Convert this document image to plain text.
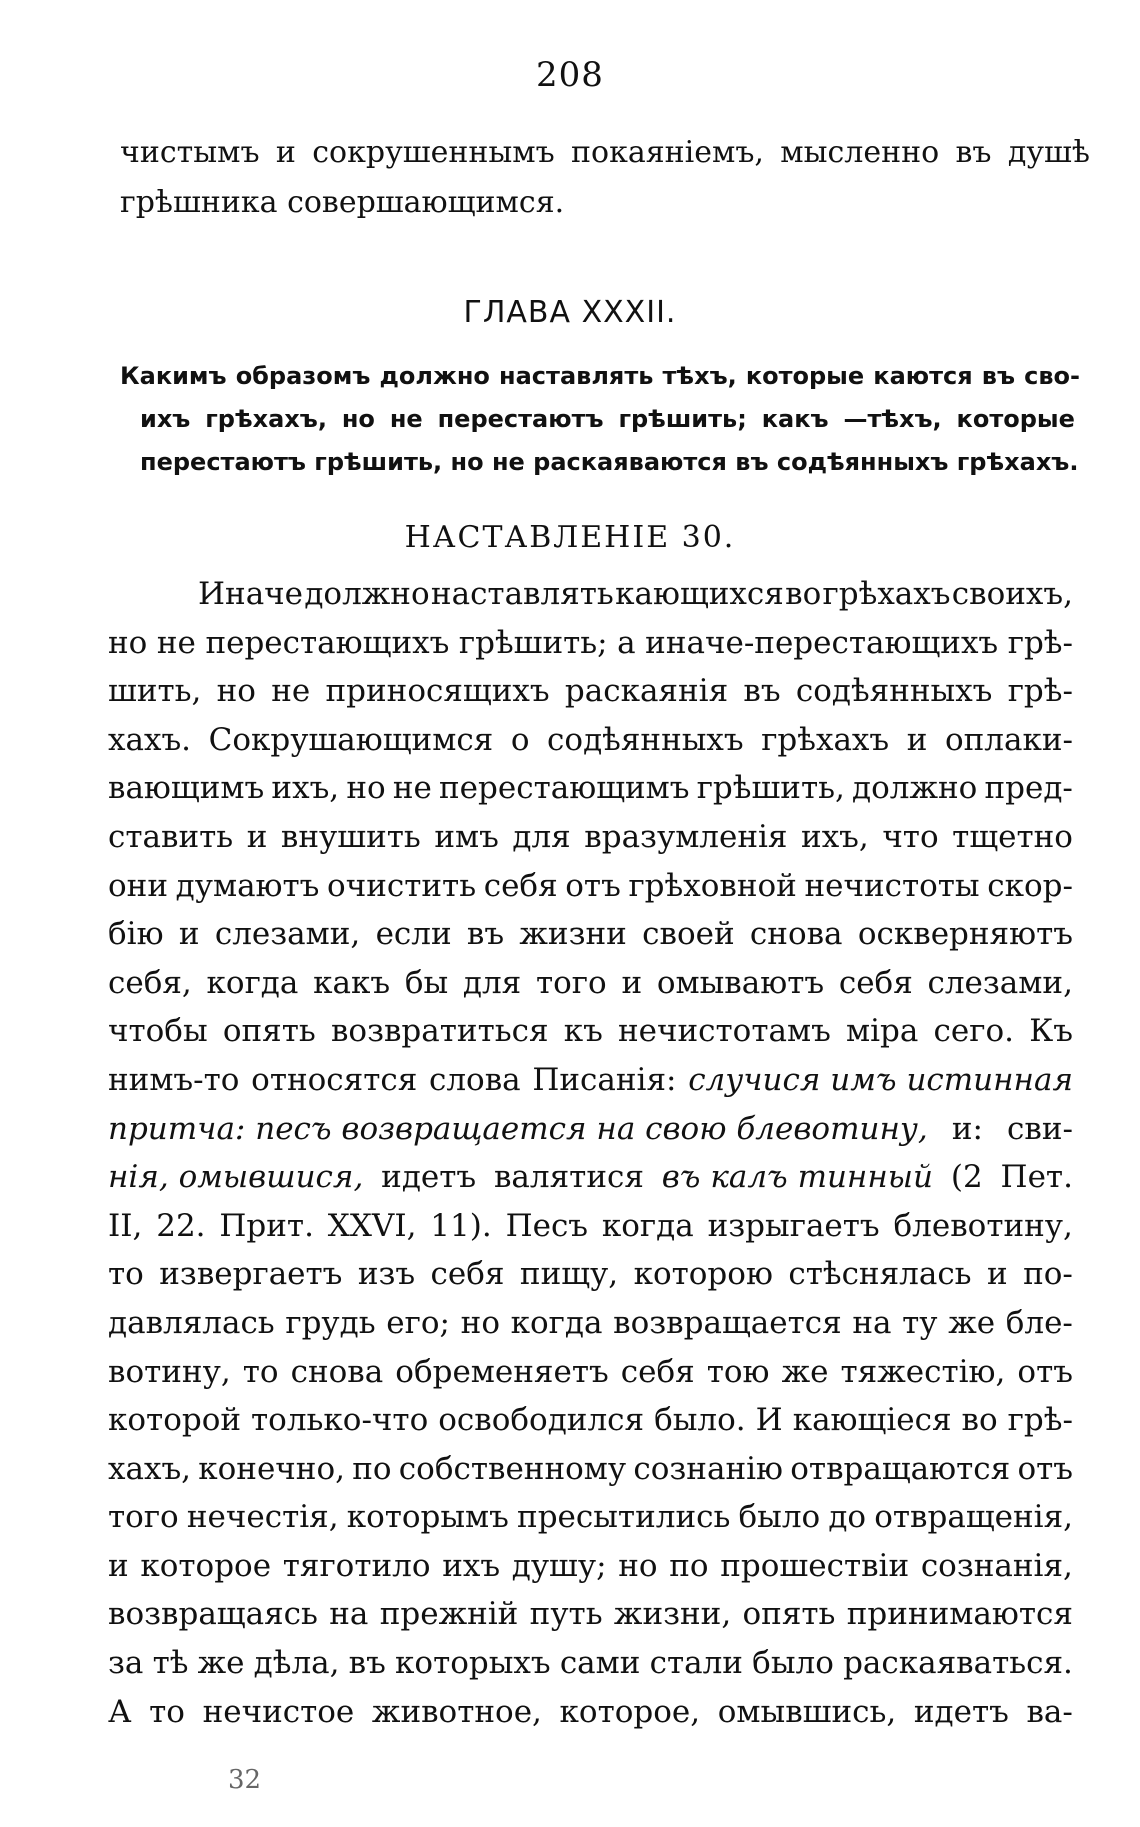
208
чистымъ и сокрушеннымъ покаяніемъ, мысленно въ душѣ
грѣшника совершающимся.
ГЛАВА XXXII.
Какимъ образомъ должно наставлять тѣхъ, которые каются въ сво-
ихъ грѣхахъ, но не перестаютъ грѣшить; какъ —тѣхъ, которые
перестаютъ грѣшить, но не раскаяваются въ содѣянныхъ грѣхахъ.
НАСТАВЛЕНІЕ 30.
Иначе должно наставлять кающихся во грѣхахъ своихъ,
но не перестающихъ грѣшить; а иначе-перестающихъ грѣ-
шить, но не приносящихъ раскаянія въ содѣянныхъ грѣ-
хахъ. Сокрушающимся о содѣянныхъ грѣхахъ и оплаки-
вающимъ ихъ, но не перестающимъ грѣшить, должно пред-
ставить и внушить имъ для вразумленія ихъ, что тщетно
они думаютъ очистить себя отъ грѣховной нечистоты скор-
бію и слезами, если въ жизни своей снова оскверняютъ
себя, когда какъ бы для того и омываютъ себя слезами,
чтобы опять возвратиться къ нечистотамъ міра сего. Къ
нимъ-то относятся слова Писанія: случися имъ истинная
притча: песъ возвращается на свою блевотину, и: сви-
нія, омывшися, идетъ валятися въ калъ тинный (2 Пет.
II, 22. Прит. XXVI, 11). Песъ когда изрыгаетъ блевотину,
то извергаетъ изъ себя пищу, которою стѣснялась и по-
давлялась грудь его; но когда возвращается на ту же бле-
вотину, то снова обременяетъ себя тою же тяжестію, отъ
которой только-что освободился было. И кающіеся во грѣ-
хахъ, конечно, по собственному сознанію отвращаются отъ
того нечестія, которымъ пресытились было до отвращенія,
и которое тяготило ихъ душу; но по прошествіи сознанія,
возвращаясь на прежній путь жизни, опять принимаются
за тѣ же дѣла, въ которыхъ сами стали было раскаяваться.
А то нечистое животное, которое, омывшись, идетъ ва-
32
